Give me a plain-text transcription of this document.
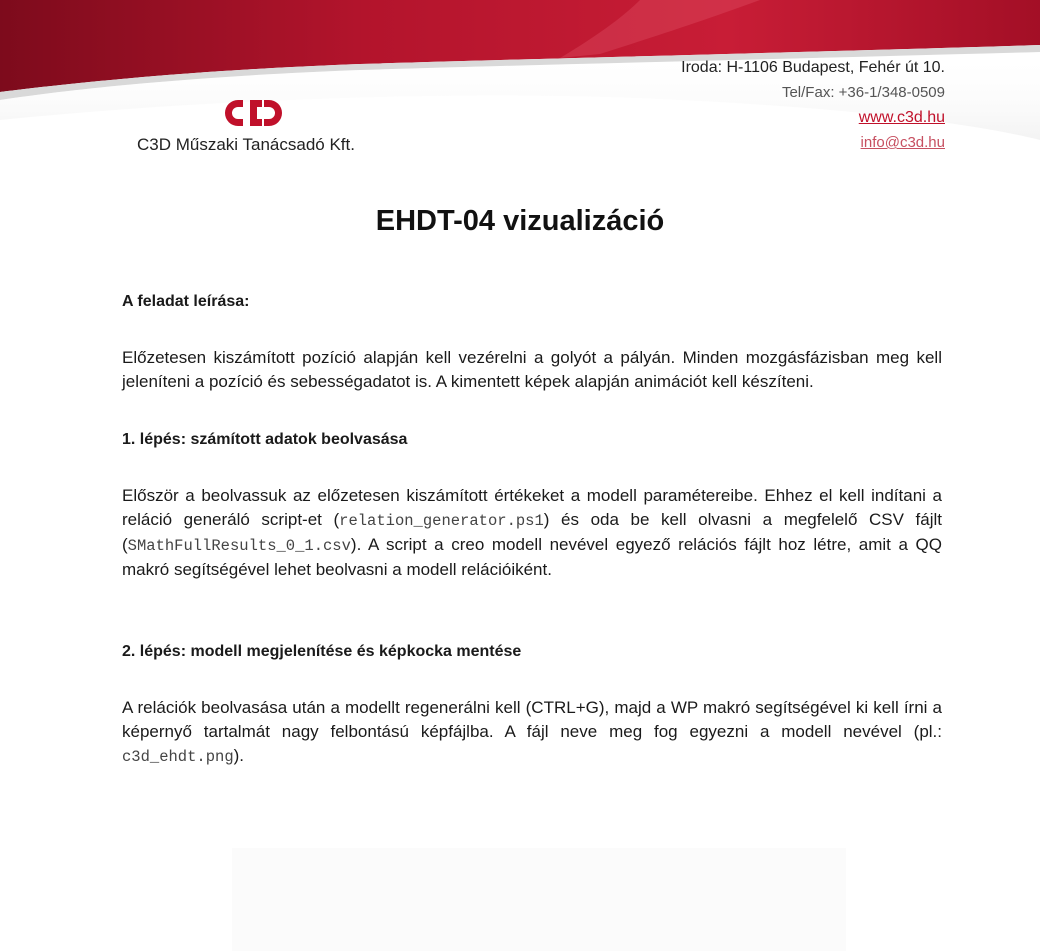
C3D Műszaki Tanácsadó Kft.
Iroda: H-1106 Budapest, Fehér út 10.
Tel/Fax: +36-1/348-0509
www.c3d.hu
info@c3d.hu
EHDT-04 vizualizáció

A feladat leírása:

Előzetesen kiszámított pozíció alapján kell vezérelni a golyót a pályán. Minden mozgásfázisban meg kell jeleníteni a pozíció és sebességadatot is. A kimentett képek alapján animációt kell készíteni.

1. lépés: számított adatok beolvasása

Először a beolvassuk az előzetesen kiszámított értékeket a modell paramétereibe. Ehhez el kell indítani a reláció generáló script-et (relation_generator.ps1) és oda be kell olvasni a megfelelő CSV fájlt (SMathFullResults_0_1.csv). A script a creo modell nevével egyező relációs fájlt hoz létre, amit a QQ makró segítségével lehet beolvasni a modell relációiként.

2. lépés: modell megjelenítése és képkocka mentése

A relációk beolvasása után a modellt regenerálni kell (CTRL+G), majd a WP makró segítségével ki kell írni a képernyő tartalmát nagy felbontású képfájlba. A fájl neve meg fog egyezni a modell nevével (pl.: c3d_ehdt.png).
